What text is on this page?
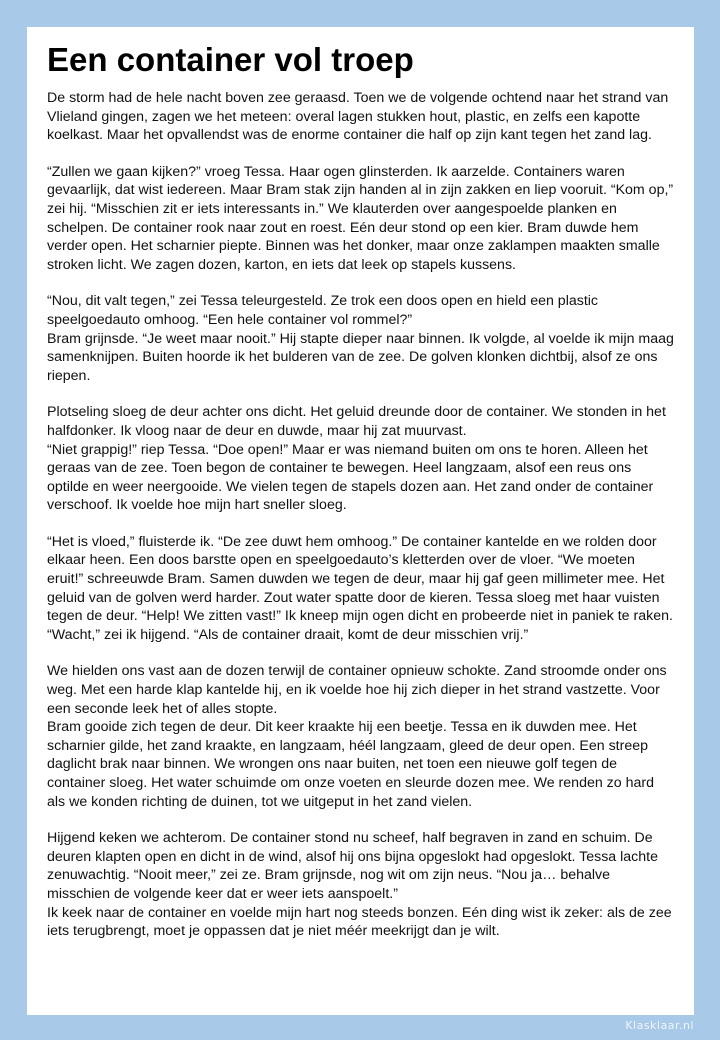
Een container vol troep

De storm had de hele nacht boven zee geraasd. Toen we de volgende ochtend naar het strand van Vlieland gingen, zagen we het meteen: overal lagen stukken hout, plastic, en zelfs een kapotte koelkast. Maar het opvallendst was de enorme container die half op zijn kant tegen het zand lag.

“Zullen we gaan kijken?” vroeg Tessa. Haar ogen glinsterden. Ik aarzelde. Containers waren gevaarlijk, dat wist iedereen. Maar Bram stak zijn handen al in zijn zakken en liep vooruit. “Kom op,” zei hij. “Misschien zit er iets interessants in.” We klauterden over aangespoelde planken en schelpen. De container rook naar zout en roest. Eén deur stond op een kier. Bram duwde hem verder open. Het scharnier piepte. Binnen was het donker, maar onze zaklampen maakten smalle stroken licht. We zagen dozen, karton, en iets dat leek op stapels kussens.

“Nou, dit valt tegen,” zei Tessa teleurgesteld. Ze trok een doos open en hield een plastic speelgoedauto omhoog. “Een hele container vol rommel?”
Bram grijnsde. “Je weet maar nooit.” Hij stapte dieper naar binnen. Ik volgde, al voelde ik mijn maag samenknijpen. Buiten hoorde ik het bulderen van de zee. De golven klonken dichtbij, alsof ze ons riepen.

Plotseling sloeg de deur achter ons dicht. Het geluid dreunde door de container. We stonden in het halfdonker. Ik vloog naar de deur en duwde, maar hij zat muurvast.
“Niet grappig!” riep Tessa. “Doe open!” Maar er was niemand buiten om ons te horen. Alleen het geraas van de zee. Toen begon de container te bewegen. Heel langzaam, alsof een reus ons optilde en weer neergooide. We vielen tegen de stapels dozen aan. Het zand onder de container verschoof. Ik voelde hoe mijn hart sneller sloeg.

“Het is vloed,” fluisterde ik. “De zee duwt hem omhoog.” De container kantelde en we rolden door elkaar heen. Een doos barstte open en speelgoedauto’s kletterden over de vloer. “We moeten eruit!” schreeuwde Bram. Samen duwden we tegen de deur, maar hij gaf geen millimeter mee. Het geluid van de golven werd harder. Zout water spatte door de kieren. Tessa sloeg met haar vuisten tegen de deur. “Help! We zitten vast!” Ik kneep mijn ogen dicht en probeerde niet in paniek te raken. “Wacht,” zei ik hijgend. “Als de container draait, komt de deur misschien vrij.”

We hielden ons vast aan de dozen terwijl de container opnieuw schokte. Zand stroomde onder ons weg. Met een harde klap kantelde hij, en ik voelde hoe hij zich dieper in het strand vastzette. Voor een seconde leek het of alles stopte.
Bram gooide zich tegen de deur. Dit keer kraakte hij een beetje. Tessa en ik duwden mee. Het scharnier gilde, het zand kraakte, en langzaam, héél langzaam, gleed de deur open. Een streep daglicht brak naar binnen. We wrongen ons naar buiten, net toen een nieuwe golf tegen de container sloeg. Het water schuimde om onze voeten en sleurde dozen mee. We renden zo hard als we konden richting de duinen, tot we uitgeput in het zand vielen.

Hijgend keken we achterom. De container stond nu scheef, half begraven in zand en schuim. De deuren klapten open en dicht in de wind, alsof hij ons bijna opgeslokt had opgeslokt. Tessa lachte zenuwachtig. “Nooit meer,” zei ze. Bram grijnsde, nog wit om zijn neus. “Nou ja… behalve misschien de volgende keer dat er weer iets aanspoelt.”
Ik keek naar de container en voelde mijn hart nog steeds bonzen. Eén ding wist ik zeker: als de zee iets terugbrengt, moet je oppassen dat je niet méér meekrijgt dan je wilt.

Klasklaar.nl
